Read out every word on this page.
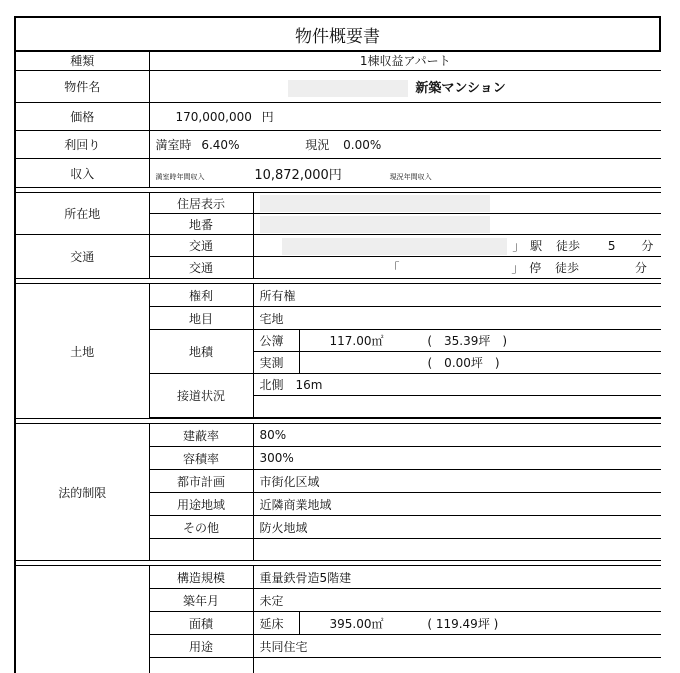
物件概要書
種類	1棟収益アパート		
物件名	新築マンション		
価格	170,000,000 円		
利回り	満室時 6.40% 現況 0.00%		
収入	満室時年間収入 10,872,000円 現況年間収入		

所在地	住居表示		
	地番		
交通	交通	」 駅 徒歩 5 分	
	交通	「 」 停 徒歩 分	

土地	権利	所有権	
	地目	宅地	
	地積	公簿	117.00㎡ (　35.39坪　)
		実測	(　0.00坪　)
	接道状況	北側　16m	

法的制限	建蔽率	80%	
	容積率	300%	
	都市計画	市街化区域	
	用途地域	近隣商業地域	
	その他	防火地域	

	構造規模	重量鉄骨造5階建	
	築年月	未定	
	面積	延床	395.00㎡ ( 119.49坪 )
	用途	共同住宅	
